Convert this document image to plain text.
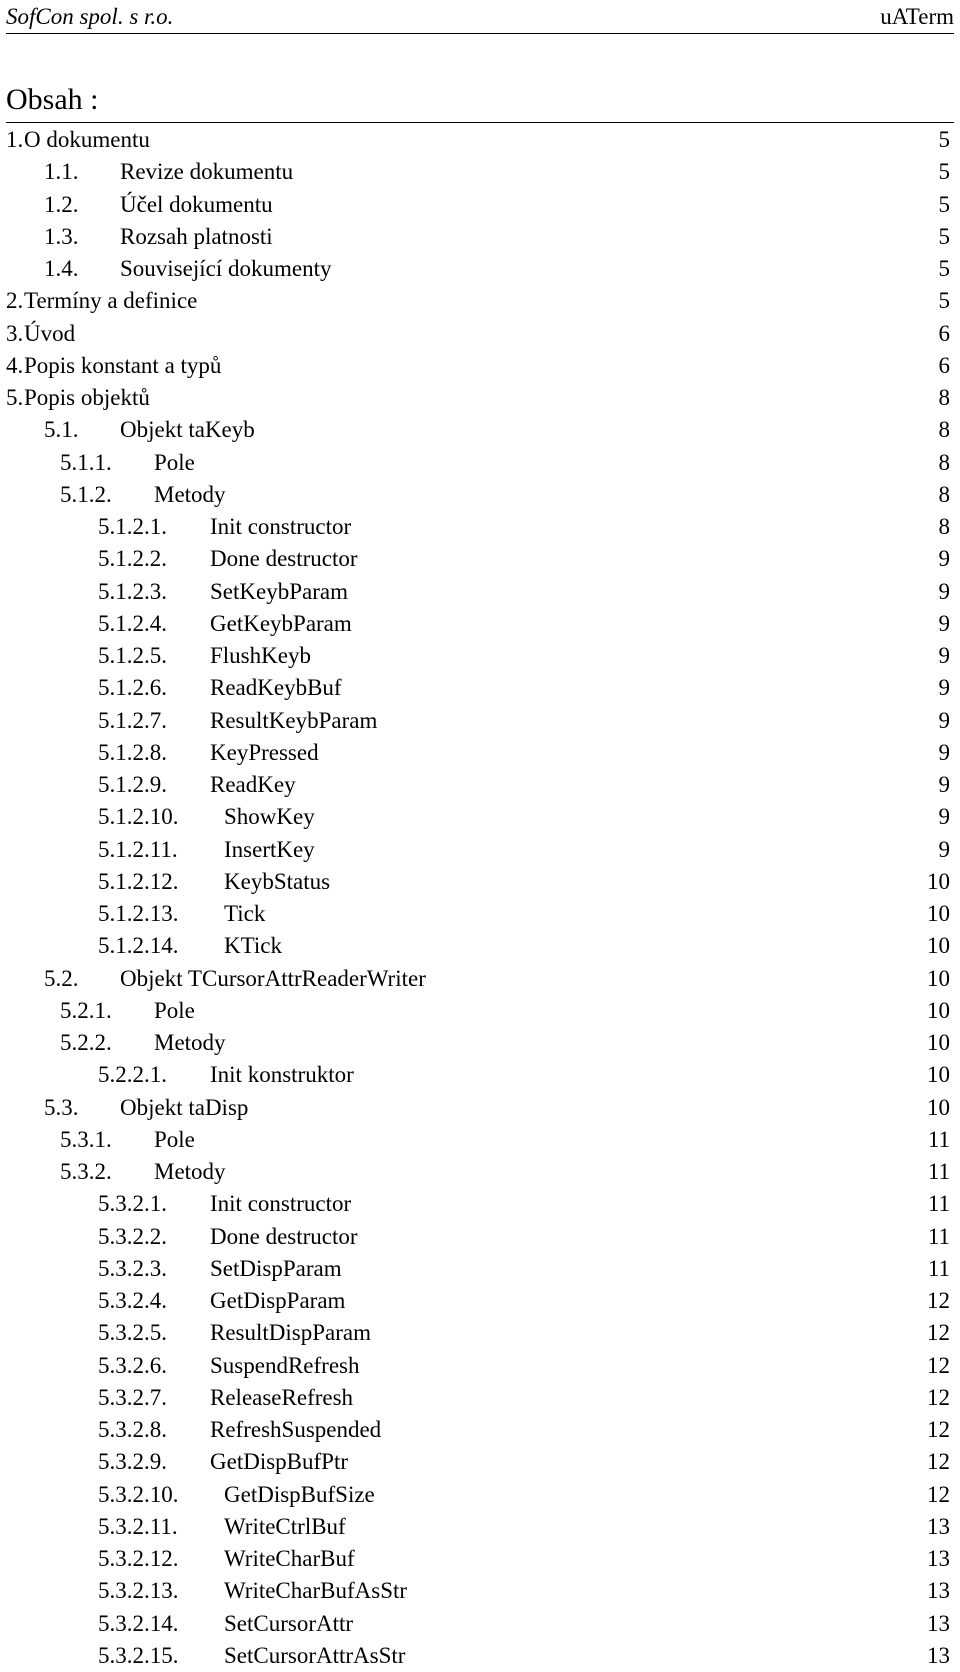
SofCon spol. s r.o.	uATerm
Obsah :
1. O dokumentu	5
1.1. Revize dokumentu	5
1.2. Účel dokumentu	5
1.3. Rozsah platnosti	5
1.4. Související dokumenty	5
2. Termíny a definice	5
3. Úvod	6
4. Popis konstant a typů	6
5. Popis objektů	8
5.1. Objekt taKeyb	8
5.1.1. Pole	8
5.1.2. Metody	8
5.1.2.1. Init constructor	8
5.1.2.2. Done destructor	9
5.1.2.3. SetKeybParam	9
5.1.2.4. GetKeybParam	9
5.1.2.5. FlushKeyb	9
5.1.2.6. ReadKeybBuf	9
5.1.2.7. ResultKeybParam	9
5.1.2.8. KeyPressed	9
5.1.2.9. ReadKey	9
5.1.2.10. ShowKey	9
5.1.2.11. InsertKey	9
5.1.2.12. KeybStatus	10
5.1.2.13. Tick	10
5.1.2.14. KTick	10
5.2. Objekt TCursorAttrReaderWriter	10
5.2.1. Pole	10
5.2.2. Metody	10
5.2.2.1. Init konstruktor	10
5.3. Objekt taDisp	10
5.3.1. Pole	11
5.3.2. Metody	11
5.3.2.1. Init constructor	11
5.3.2.2. Done destructor	11
5.3.2.3. SetDispParam	11
5.3.2.4. GetDispParam	12
5.3.2.5. ResultDispParam	12
5.3.2.6. SuspendRefresh	12
5.3.2.7. ReleaseRefresh	12
5.3.2.8. RefreshSuspended	12
5.3.2.9. GetDispBufPtr	12
5.3.2.10. GetDispBufSize	12
5.3.2.11. WriteCtrlBuf	13
5.3.2.12. WriteCharBuf	13
5.3.2.13. WriteCharBufAsStr	13
5.3.2.14. SetCursorAttr	13
5.3.2.15. SetCursorAttrAsStr	13
